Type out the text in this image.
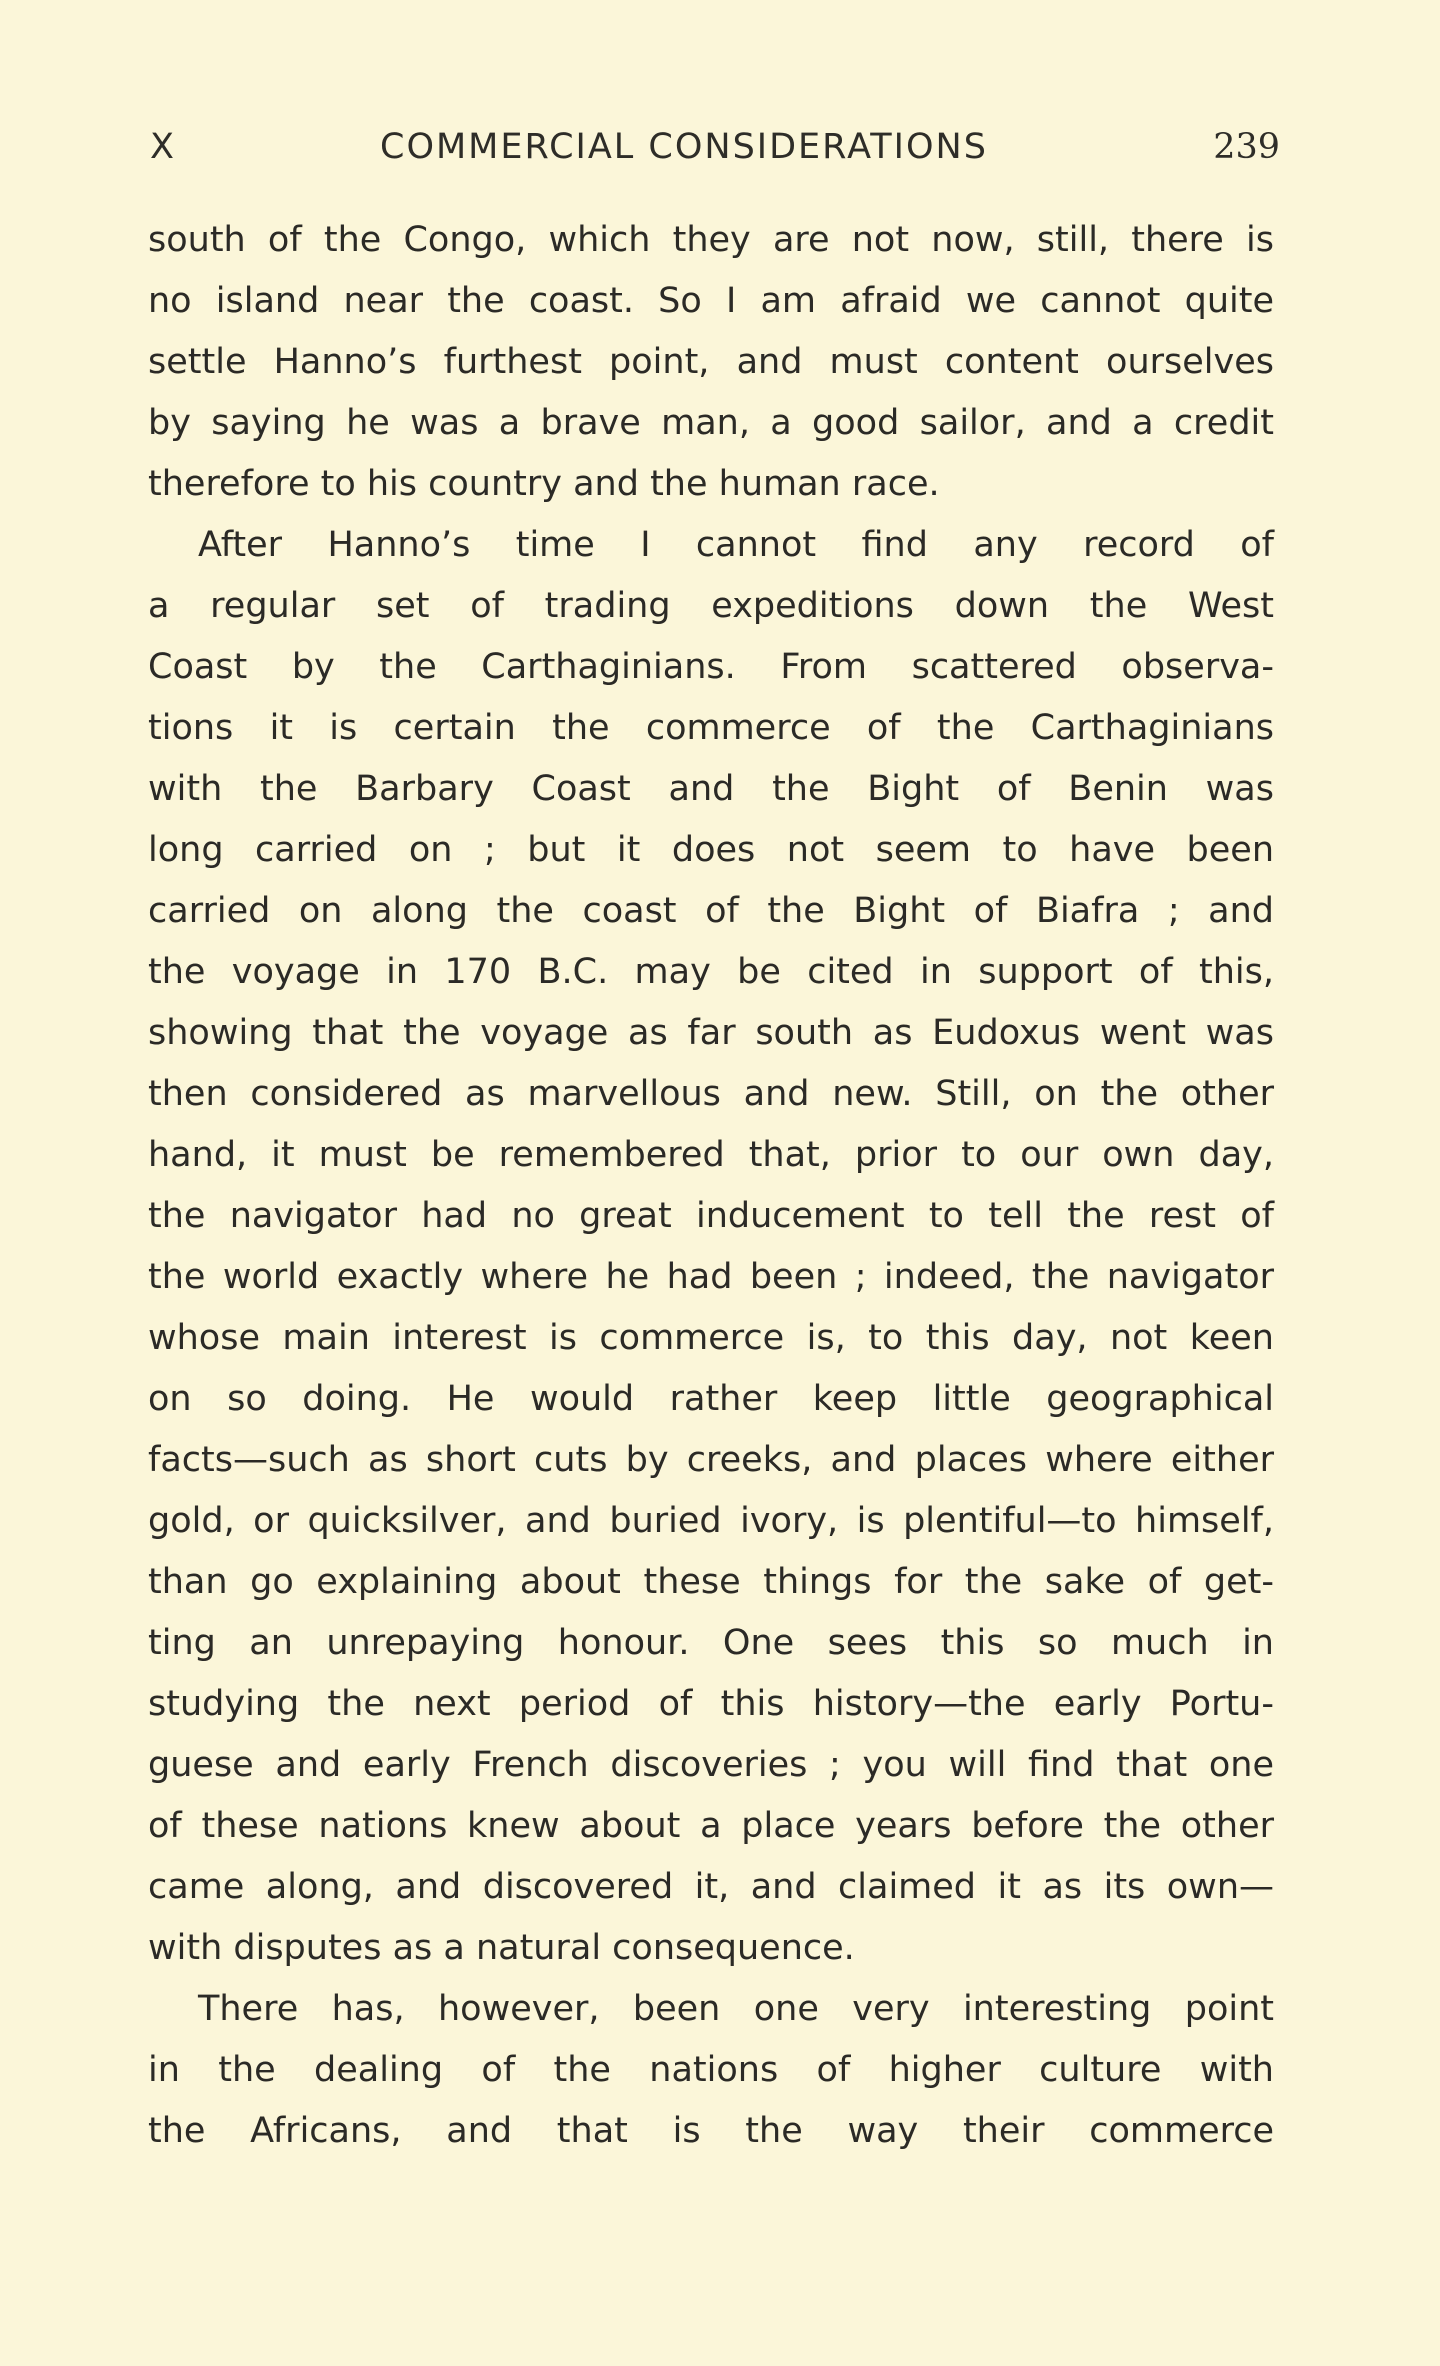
X	COMMERCIAL CONSIDERATIONS	239
south of the Congo, which they are not now, still, there is
no island near the coast. So I am afraid we cannot quite
settle Hanno’s furthest point, and must content ourselves
by saying he was a brave man, a good sailor, and a credit
therefore to his country and the human race.
After Hanno’s time I cannot find any record of
a regular set of trading expeditions down the West
Coast by the Carthaginians. From scattered observa-
tions it is certain the commerce of the Carthaginians
with the Barbary Coast and the Bight of Benin was
long carried on ; but it does not seem to have been
carried on along the coast of the Bight of Biafra ; and
the voyage in 170 B.C. may be cited in support of this,
showing that the voyage as far south as Eudoxus went was
then considered as marvellous and new. Still, on the other
hand, it must be remembered that, prior to our own day,
the navigator had no great inducement to tell the rest of
the world exactly where he had been ; indeed, the navigator
whose main interest is commerce is, to this day, not keen
on so doing. He would rather keep little geographical
facts—such as short cuts by creeks, and places where either
gold, or quicksilver, and buried ivory, is plentiful—to himself,
than go explaining about these things for the sake of get-
ting an unrepaying honour. One sees this so much in
studying the next period of this history—the early Portu-
guese and early French discoveries ; you will find that one
of these nations knew about a place years before the other
came along, and discovered it, and claimed it as its own—
with disputes as a natural consequence.
There has, however, been one very interesting point
in the dealing of the nations of higher culture with
the Africans, and that is the way their commerce
